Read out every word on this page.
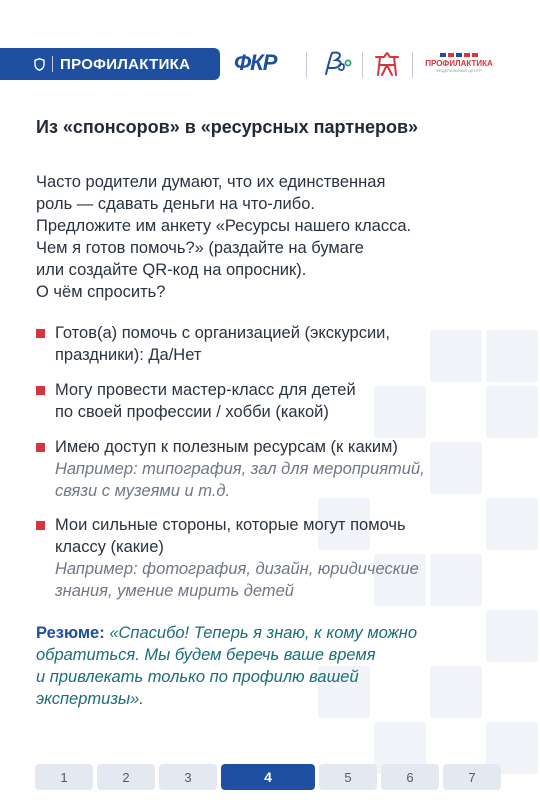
ПРОФИЛАКТИКА ФКР	ПРОФИЛАКТИКА
ФЕДЕРАЛЬНЫЙ ЦЕНТР
Из «спонсоров» в «ресурсных партнеров»
Часто родители думают, что их единственная
роль — сдавать деньги на что-либо.
Предложите им анкету «Ресурсы нашего класса.
Чем я готов помочь?» (раздайте на бумаге
или создайте QR-код на опросник).
О чём спросить?
Готов(а) помочь с организацией (экскурсии,
праздники): Да/Нет
Могу провести мастер-класс для детей
по своей профессии / хобби (какой)
Имею доступ к полезным ресурсам (к каким)
Например: типография, зал для мероприятий,
связи с музеями и т.д.
Мои сильные стороны, которые могут помочь
классу (какие)
Например: фотография, дизайн, юридические
знания, умение мирить детей
Резюме: «Спасибо! Теперь я знаю, к кому можно
обратиться. Мы будем беречь ваше время
и привлекать только по профилю вашей
экспертизы».
1	2	3	4	5	6	7
